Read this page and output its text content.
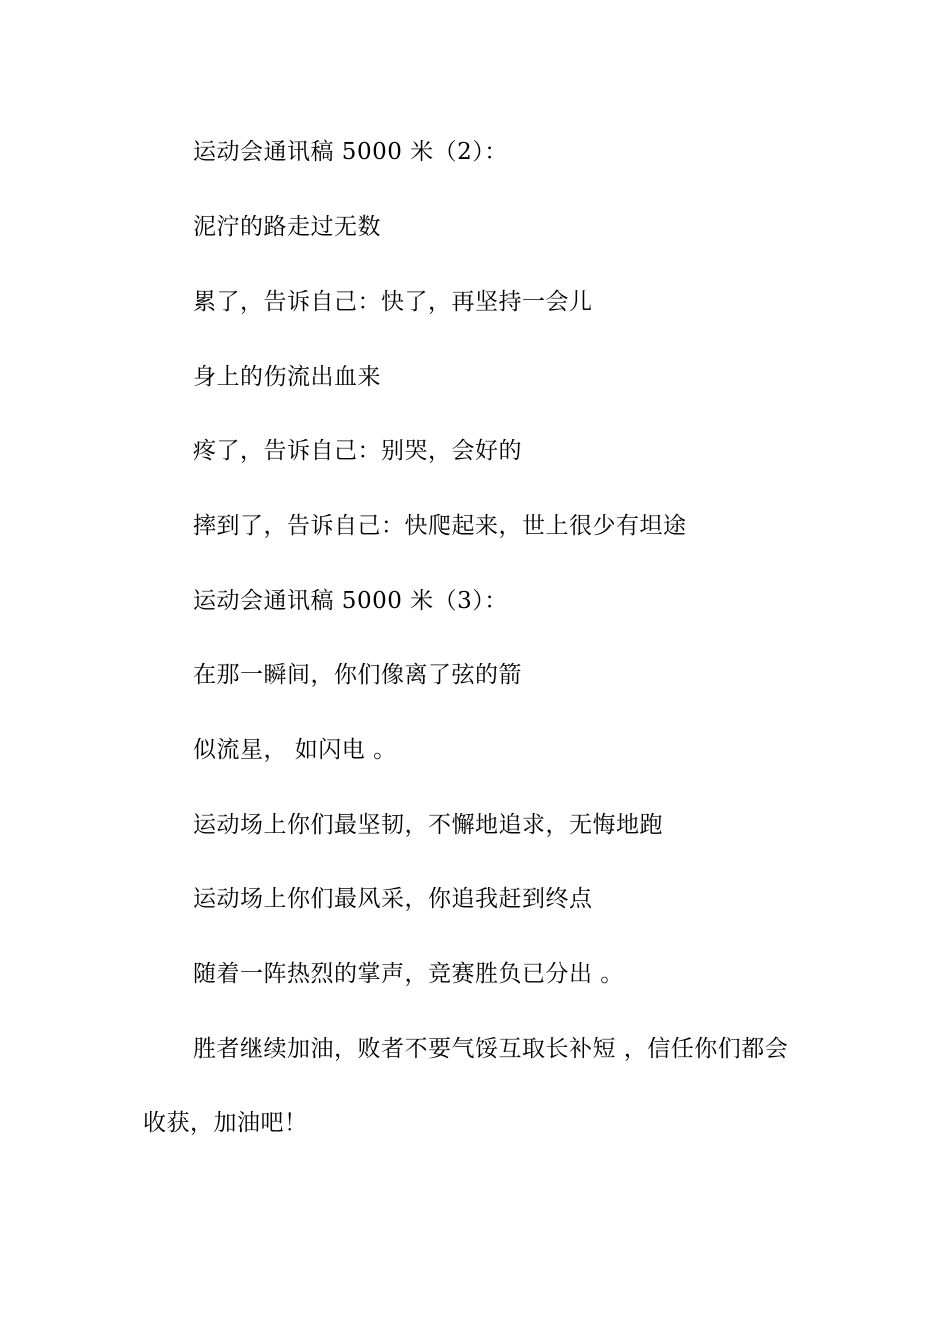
运动会通讯稿 5000 米（2）：
泥泞的路走过无数
累了，告诉自己：快了，再坚持一会儿
身上的伤流出血来
疼了，告诉自己：别哭，会好的
摔到了，告诉自己：快爬起来，世上很少有坦途
运动会通讯稿 5000 米（3）：
在那一瞬间，你们像离了弦的箭
似流星， 如闪电 。
运动场上你们最坚韧，不懈地追求，无悔地跑
运动场上你们最风采，你追我赶到终点
随着一阵热烈的掌声，竞赛胜负已分出 。
胜者继续加油，败者不要气馁互取长补短 ，信任你们都会
收获，加油吧！
